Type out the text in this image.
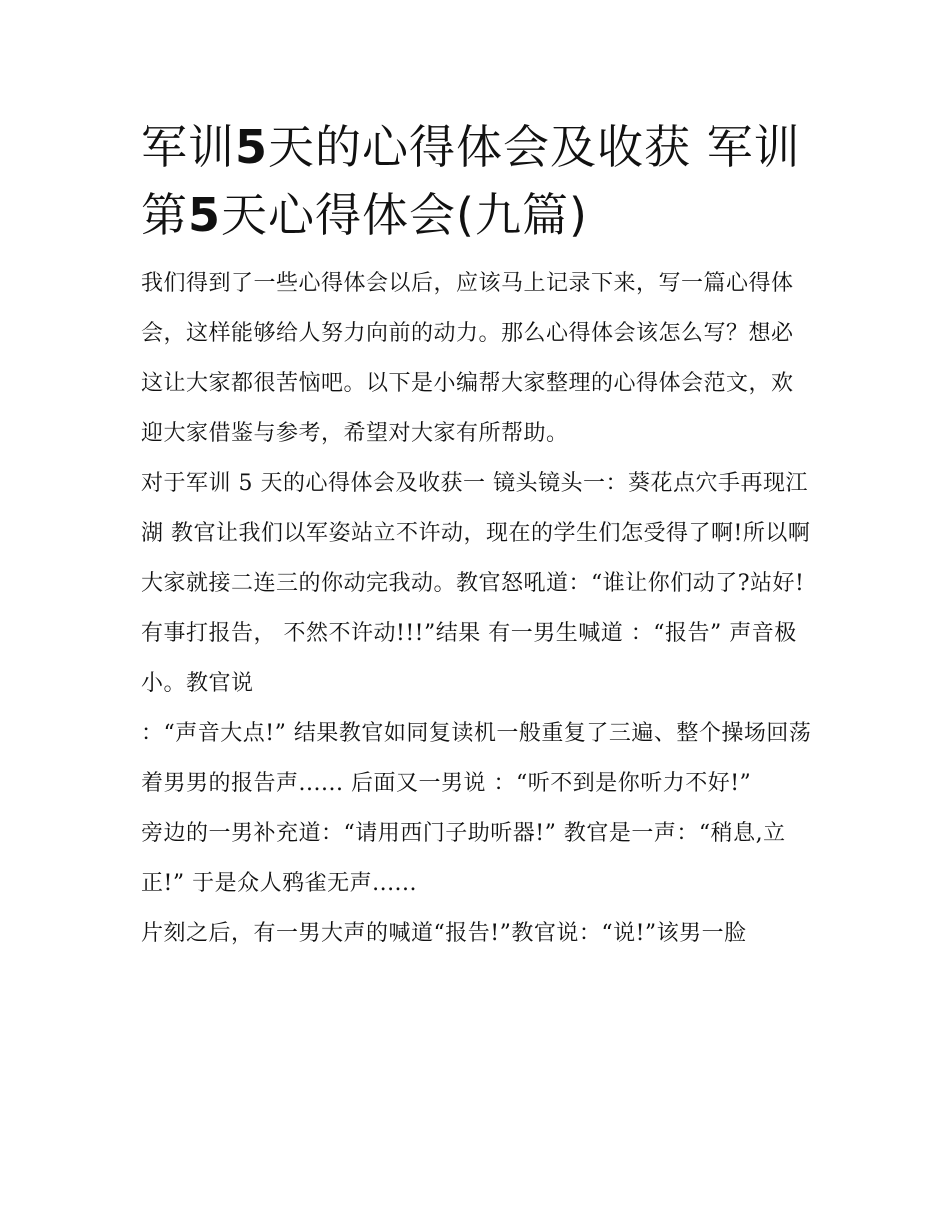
军训5天的心得体会及收获 军训第5天心得体会(九篇)

我们得到了一些心得体会以后，应该马上记录下来，写一篇心得体会，这样能够给人努力向前的动力。那么心得体会该怎么写？想必这让大家都很苦恼吧。以下是小编帮大家整理的心得体会范文，欢迎大家借鉴与参考，希望对大家有所帮助。

对于军训 5 天的心得体会及收获一 镜头镜头一：葵花点穴手再现江湖 教官让我们以军姿站立不许动，现在的学生们怎受得了啊!所以啊

大家就接二连三的你动完我动。教官怒吼道：“谁让你们动了?站好! 有事打报告， 不然不许动!!!”结果 有一男生喊道 ：“报告” 声音极小。教官说

：“声音大点!” 结果教官如同复读机一般重复了三遍、整个操场回荡着男男的报告声...... 后面又一男说 ：“听不到是你听力不好!”

旁边的一男补充道：“请用西门子助听器!” 教官是一声：“稍息,立正!” 于是众人鸦雀无声......

片刻之后，有一男大声的喊道“报告!”教官说：“说!”该男一脸
